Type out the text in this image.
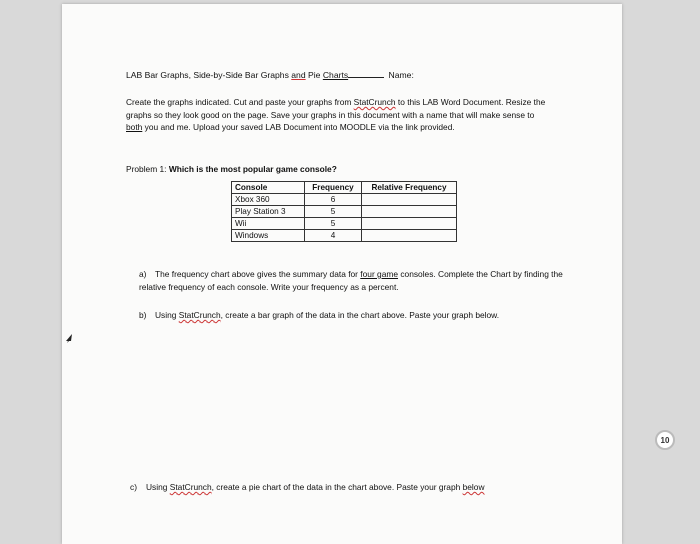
LAB Bar Graphs, Side-by-Side Bar Graphs and Pie Charts	Name:
Create the graphs indicated. Cut and paste your graphs from StatCrunch to this LAB Word Document. Resize the graphs so they look good on the page. Save your graphs in this document with a name that will make sense to both you and me. Upload your saved LAB Document into MOODLE via the link provided.
Problem 1: Which is the most popular game console?
Console	Frequency	Relative Frequency
Xbox 360	6	
Play Station 3	5	
Wii	5	
Windows	4	
a) The frequency chart above gives the summary data for four game consoles. Complete the Chart by finding the relative frequency of each console. Write your frequency as a percent.
b) Using StatCrunch, create a bar graph of the data in the chart above. Paste your graph below.
10
c) Using StatCrunch, create a pie chart of the data in the chart above. Paste your graph below
